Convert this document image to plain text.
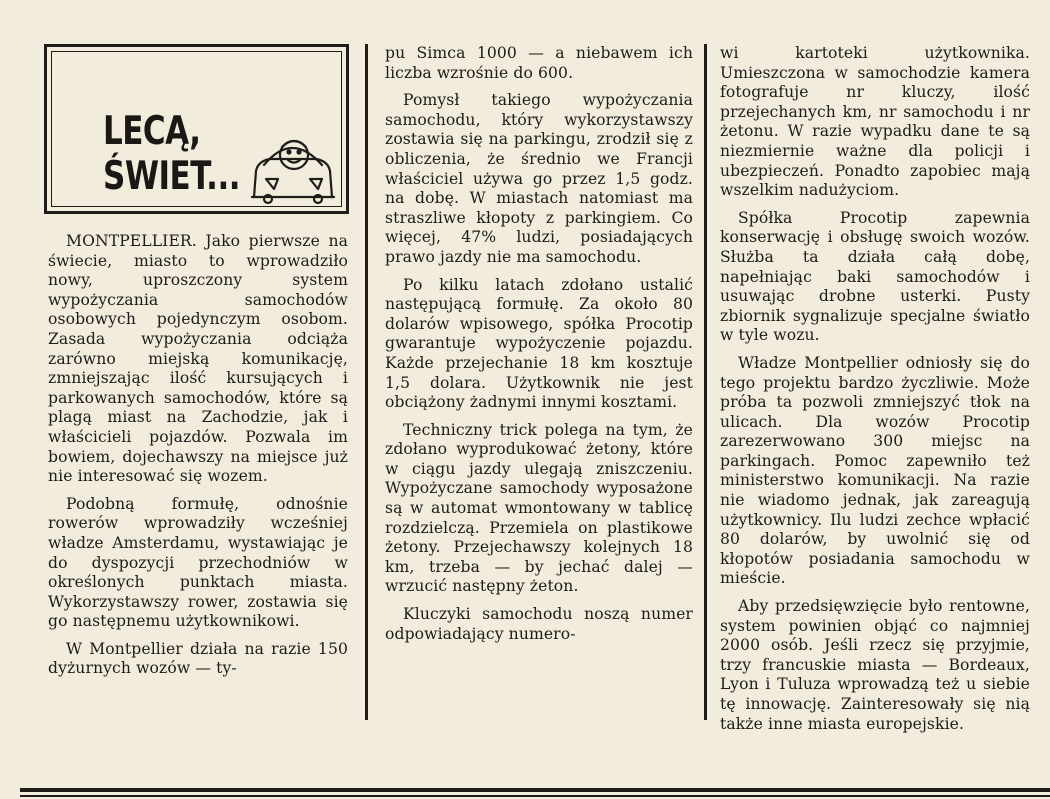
LECĄ, ŚWIET...

MONTPELLIER. Jako pierwsze na świecie, miasto to wprowadziło nowy, uproszczony system wypożyczania samochodów osobowych pojedynczym osobom. Zasada wypożyczania odciąża zarówno miejską komunikację, zmniejszając ilość kursujących i parkowanych samochodów, które są plagą miast na Zachodzie, jak i właścicieli pojazdów. Pozwala im bowiem, dojechawszy na miejsce już nie interesować się wozem.

Podobną formułę, odnośnie rowerów wprowadziły wcześniej władze Amsterdamu, wystawiając je do dyspozycji przechodniów w określonych punktach miasta. Wykorzystawszy rower, zostawia się go następnemu użytkownikowi.

W Montpellier działa na razie 150 dyżurnych wozów — ty-

pu Simca 1000 — a niebawem ich liczba wzrośnie do 600.

Pomysł takiego wypożyczania samochodu, który wykorzystawszy zostawia się na parkingu, zrodził się z obliczenia, że średnio we Francji właściciel używa go przez 1,5 godz. na dobę. W miastach natomiast ma straszliwe kłopoty z parkingiem. Co więcej, 47% ludzi, posiadających prawo jazdy nie ma samochodu.

Po kilku latach zdołano ustalić następującą formułę. Za około 80 dolarów wpisowego, spółka Procotip gwarantuje wypożyczenie pojazdu. Każde przejechanie 18 km kosztuje 1,5 dolara. Użytkownik nie jest obciążony żadnymi innymi kosztami.

Techniczny trick polega na tym, że zdołano wyprodukować żetony, które w ciągu jazdy ulegają zniszczeniu. Wypożyczane samochody wyposażone są w automat wmontowany w tablicę rozdzielczą. Przemiela on plastikowe żetony. Przejechawszy kolejnych 18 km, trzeba — by jechać dalej — wrzucić następny żeton.

Kluczyki samochodu noszą numer odpowiadający numero-

wi kartoteki użytkownika. Umieszczona w samochodzie kamera fotografuje nr kluczy, ilość przejechanych km, nr samochodu i nr żetonu. W razie wypadku dane te są niezmiernie ważne dla policji i ubezpieczeń. Ponadto zapobiec mają wszelkim nadużyciom.

Spółka Procotip zapewnia konserwację i obsługę swoich wozów. Służba ta działa całą dobę, napełniając baki samochodów i usuwając drobne usterki. Pusty zbiornik sygnalizuje specjalne światło w tyle wozu.

Władze Montpellier odniosły się do tego projektu bardzo życzliwie. Może próba ta pozwoli zmniejszyć tłok na ulicach. Dla wozów Procotip zarezerwowano 300 miejsc na parkingach. Pomoc zapewniło też ministerstwo komunikacji. Na razie nie wiadomo jednak, jak zareagują użytkownicy. Ilu ludzi zechce wpłacić 80 dolarów, by uwolnić się od kłopotów posiadania samochodu w mieście.

Aby przedsięwzięcie było rentowne, system powinien objąć co najmniej 2000 osób. Jeśli rzecz się przyjmie, trzy francuskie miasta — Bordeaux, Lyon i Tuluza wprowadzą też u siebie tę innowację. Zainteresowały się nią także inne miasta europejskie.
